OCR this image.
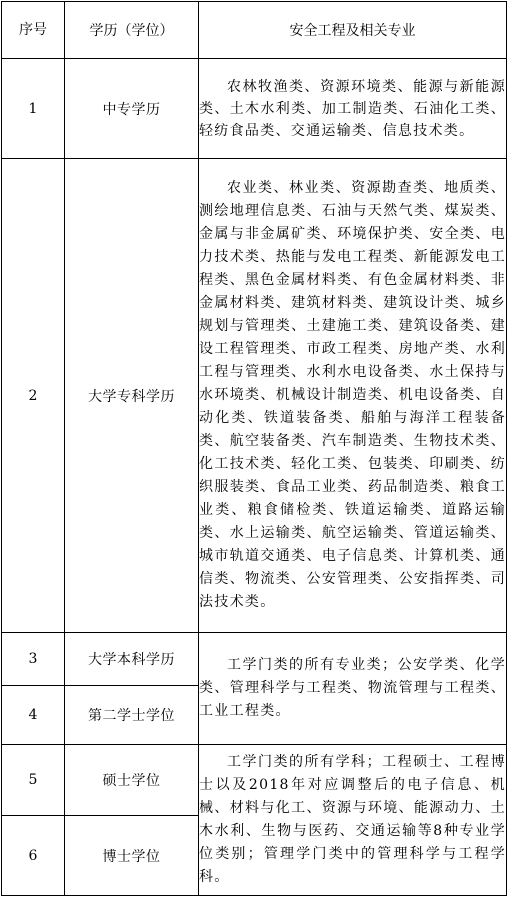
序号	学历（学位）	安全工程及相关专业
1	中专学历	农林牧渔类、资源环境类、能源与新能源类、土木水利类、加工制造类、石油化工类、轻纺食品类、交通运输类、信息技术类。

2	大学专科学历	农业类、林业类、资源勘查类、地质类、测绘地理信息类、石油与天然气类、煤炭类、金属与非金属矿类、环境保护类、安全类、电力技术类、热能与发电工程类、新能源发电工程类、黑色金属材料类、有色金属材料类、非金属材料类、建筑材料类、建筑设计类、城乡规划与管理类、土建施工类、建筑设备类、建设工程管理类、市政工程类、房地产类、水利工程与管理类、水利水电设备类、水土保持与水环境类、机械设计制造类、机电设备类、自动化类、铁道装备类、船舶与海洋工程装备类、航空装备类、汽车制造类、生物技术类、化工技术类、轻化工类、包装类、印刷类、纺织服装类、食品工业类、药品制造类、粮食工业类、粮食储检类、铁道运输类、道路运输类、水上运输类、航空运输类、管道运输类、城市轨道交通类、电子信息类、计算机类、通信类、物流类、公安管理类、公安指挥类、司法技术类。

3	大学本科学历	工学门类的所有专业类；公安学类、化学类、管理科学与工程类、物流管理与工程类、工业工程类。

4	第二学士学位	
5	硕士学位	工学门类的所有学科；工程硕士、工程博士以及2018年对应调整后的电子信息、机械、材料与化工、资源与环境、能源动力、土木水利、生物与医药、交通运输等8种专业学位类别；管理学门类中的管理科学与工程学科。

6	博士学位	
